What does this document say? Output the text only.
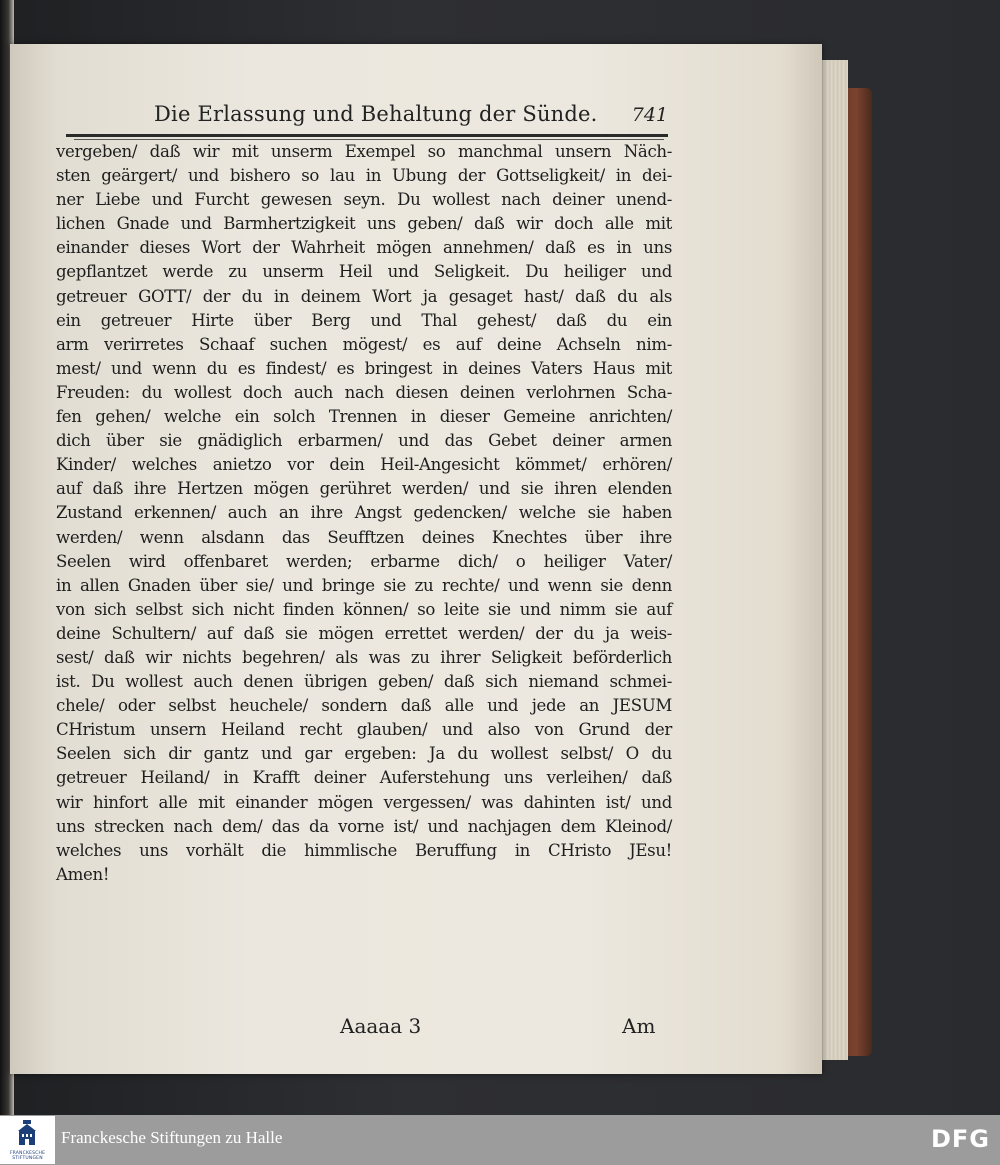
Die Erlassung und Behaltung der Sünde. 741
vergeben/ daß wir mit unserm Exempel so manchmal unsern Näch-
sten geärgert/ und bishero so lau in Ubung der Gottseligkeit/ in dei-
ner Liebe und Furcht gewesen seyn. Du wollest nach deiner unend-
lichen Gnade und Barmhertzigkeit uns geben/ daß wir doch alle mit
einander dieses Wort der Wahrheit mögen annehmen/ daß es in uns
gepflantzet werde zu unserm Heil und Seligkeit. Du heiliger und
getreuer GOTT/ der du in deinem Wort ja gesaget hast/ daß du als
ein getreuer Hirte über Berg und Thal gehest/ daß du ein
arm verirretes Schaaf suchen mögest/ es auf deine Achseln nim-
mest/ und wenn du es findest/ es bringest in deines Vaters Haus mit
Freuden: du wollest doch auch nach diesen deinen verlohrnen Scha-
fen gehen/ welche ein solch Trennen in dieser Gemeine anrichten/
dich über sie gnädiglich erbarmen/ und das Gebet deiner armen
Kinder/ welches anietzo vor dein Heil-Angesicht kömmet/ erhören/
auf daß ihre Hertzen mögen gerühret werden/ und sie ihren elenden
Zustand erkennen/ auch an ihre Angst gedencken/ welche sie haben
werden/ wenn alsdann das Seufftzen deines Knechtes über ihre
Seelen wird offenbaret werden; erbarme dich/ o heiliger Vater/
in allen Gnaden über sie/ und bringe sie zu rechte/ und wenn sie denn
von sich selbst sich nicht finden können/ so leite sie und nimm sie auf
deine Schultern/ auf daß sie mögen errettet werden/ der du ja weis-
sest/ daß wir nichts begehren/ als was zu ihrer Seligkeit beförderlich
ist. Du wollest auch denen übrigen geben/ daß sich niemand schmei-
chele/ oder selbst heuchele/ sondern daß alle und jede an JESUM
CHristum unsern Heiland recht glauben/ und also von Grund der
Seelen sich dir gantz und gar ergeben: Ja du wollest selbst/ O du
getreuer Heiland/ in Krafft deiner Auferstehung uns verleihen/ daß
wir hinfort alle mit einander mögen vergessen/ was dahinten ist/ und
uns strecken nach dem/ das da vorne ist/ und nachjagen dem Kleinod/
welches uns vorhält die himmlische Beruffung in CHristo JEsu!
Amen!
Aaaaa 3	Am
FRANCKESCHE STIFTUNGEN
Franckesche Stiftungen zu Halle	DFG
